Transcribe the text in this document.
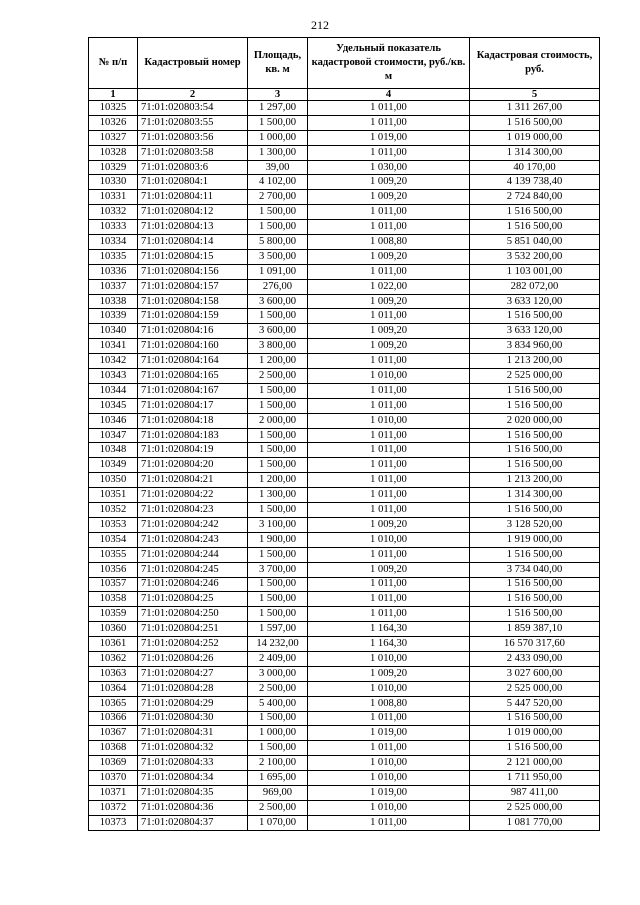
212
№ п/п	Кадастровый номер	Площадь, кв. м	Удельный показатель кадастровой стоимости, руб./кв. м	Кадастровая стоимость, руб.
1	2	3	4	5
10325	71:01:020803:54	1 297,00	1 011,00	1 311 267,00
10326	71:01:020803:55	1 500,00	1 011,00	1 516 500,00
10327	71:01:020803:56	1 000,00	1 019,00	1 019 000,00
10328	71:01:020803:58	1 300,00	1 011,00	1 314 300,00
10329	71:01:020803:6	39,00	1 030,00	40 170,00
10330	71:01:020804:1	4 102,00	1 009,20	4 139 738,40
10331	71:01:020804:11	2 700,00	1 009,20	2 724 840,00
10332	71:01:020804:12	1 500,00	1 011,00	1 516 500,00
10333	71:01:020804:13	1 500,00	1 011,00	1 516 500,00
10334	71:01:020804:14	5 800,00	1 008,80	5 851 040,00
10335	71:01:020804:15	3 500,00	1 009,20	3 532 200,00
10336	71:01:020804:156	1 091,00	1 011,00	1 103 001,00
10337	71:01:020804:157	276,00	1 022,00	282 072,00
10338	71:01:020804:158	3 600,00	1 009,20	3 633 120,00
10339	71:01:020804:159	1 500,00	1 011,00	1 516 500,00
10340	71:01:020804:16	3 600,00	1 009,20	3 633 120,00
10341	71:01:020804:160	3 800,00	1 009,20	3 834 960,00
10342	71:01:020804:164	1 200,00	1 011,00	1 213 200,00
10343	71:01:020804:165	2 500,00	1 010,00	2 525 000,00
10344	71:01:020804:167	1 500,00	1 011,00	1 516 500,00
10345	71:01:020804:17	1 500,00	1 011,00	1 516 500,00
10346	71:01:020804:18	2 000,00	1 010,00	2 020 000,00
10347	71:01:020804:183	1 500,00	1 011,00	1 516 500,00
10348	71:01:020804:19	1 500,00	1 011,00	1 516 500,00
10349	71:01:020804:20	1 500,00	1 011,00	1 516 500,00
10350	71:01:020804:21	1 200,00	1 011,00	1 213 200,00
10351	71:01:020804:22	1 300,00	1 011,00	1 314 300,00
10352	71:01:020804:23	1 500,00	1 011,00	1 516 500,00
10353	71:01:020804:242	3 100,00	1 009,20	3 128 520,00
10354	71:01:020804:243	1 900,00	1 010,00	1 919 000,00
10355	71:01:020804:244	1 500,00	1 011,00	1 516 500,00
10356	71:01:020804:245	3 700,00	1 009,20	3 734 040,00
10357	71:01:020804:246	1 500,00	1 011,00	1 516 500,00
10358	71:01:020804:25	1 500,00	1 011,00	1 516 500,00
10359	71:01:020804:250	1 500,00	1 011,00	1 516 500,00
10360	71:01:020804:251	1 597,00	1 164,30	1 859 387,10
10361	71:01:020804:252	14 232,00	1 164,30	16 570 317,60
10362	71:01:020804:26	2 409,00	1 010,00	2 433 090,00
10363	71:01:020804:27	3 000,00	1 009,20	3 027 600,00
10364	71:01:020804:28	2 500,00	1 010,00	2 525 000,00
10365	71:01:020804:29	5 400,00	1 008,80	5 447 520,00
10366	71:01:020804:30	1 500,00	1 011,00	1 516 500,00
10367	71:01:020804:31	1 000,00	1 019,00	1 019 000,00
10368	71:01:020804:32	1 500,00	1 011,00	1 516 500,00
10369	71:01:020804:33	2 100,00	1 010,00	2 121 000,00
10370	71:01:020804:34	1 695,00	1 010,00	1 711 950,00
10371	71:01:020804:35	969,00	1 019,00	987 411,00
10372	71:01:020804:36	2 500,00	1 010,00	2 525 000,00
10373	71:01:020804:37	1 070,00	1 011,00	1 081 770,00
